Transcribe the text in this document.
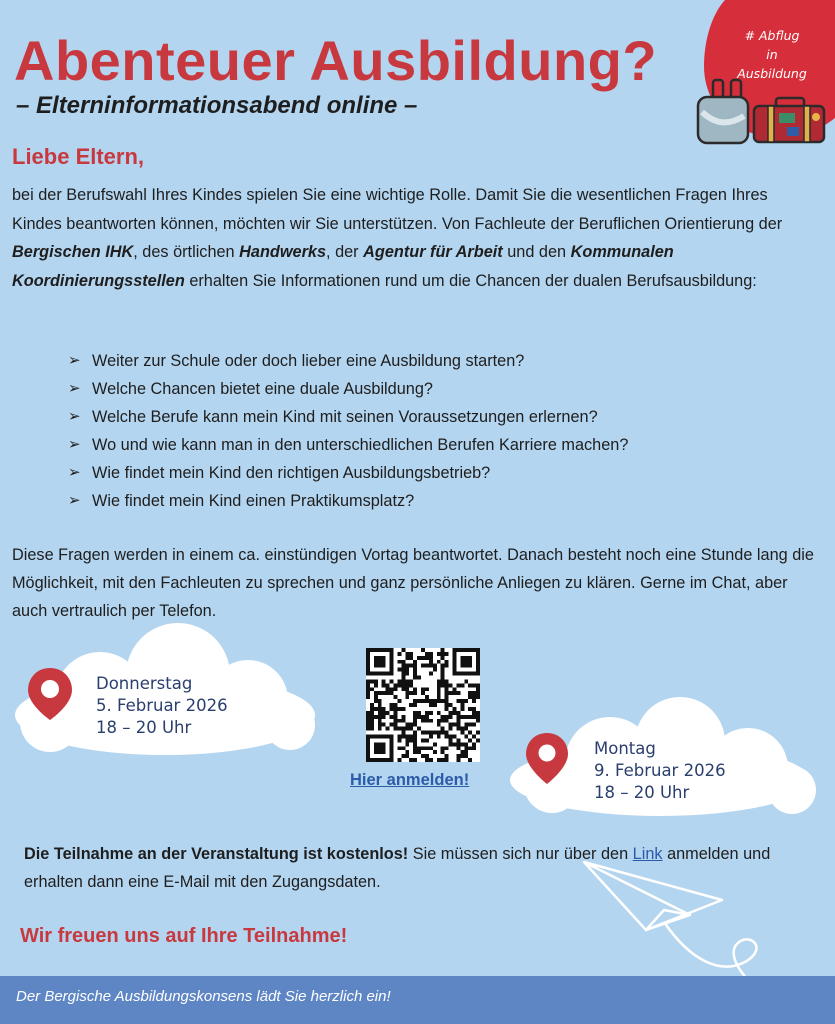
Abenteuer Ausbildung?
– Elterninformationsabend online –
# Abflug
in
Ausbildung
Liebe Eltern,

bei der Berufswahl Ihres Kindes spielen Sie eine wichtige Rolle. Damit Sie die wesentlichen Fragen Ihres Kindes beantworten können, möchten wir Sie unterstützen. Von Fachleute der Beruflichen Orientierung der Bergischen IHK, des örtlichen Handwerks, der Agentur für Arbeit und den Kommunalen Koordinierungsstellen erhalten Sie Informationen rund um die Chancen der dualen Berufsausbildung:

➢ Weiter zur Schule oder doch lieber eine Ausbildung starten?
➢ Welche Chancen bietet eine duale Ausbildung?
➢ Welche Berufe kann mein Kind mit seinen Voraussetzungen erlernen?
➢ Wo und wie kann man in den unterschiedlichen Berufen Karriere machen?
➢ Wie findet mein Kind den richtigen Ausbildungsbetrieb?
➢ Wie findet mein Kind einen Praktikumsplatz?

Diese Fragen werden in einem ca. einstündigen Vortag beantwortet. Danach besteht noch eine Stunde lang die Möglichkeit, mit den Fachleuten zu sprechen und ganz persönliche Anliegen zu klären. Gerne im Chat, aber auch vertraulich per Telefon.

Donnerstag
5. Februar 2026
18 – 20 Uhr
Montag
9. Februar 2026
18 – 20 Uhr
Hier anmelden!

Die Teilnahme an der Veranstaltung ist kostenlos! Sie müssen sich nur über den Link anmelden und erhalten dann eine E-Mail mit den Zugangsdaten.

Wir freuen uns auf Ihre Teilnahme!
Der Bergische Ausbildungskonsens lädt Sie herzlich ein!
